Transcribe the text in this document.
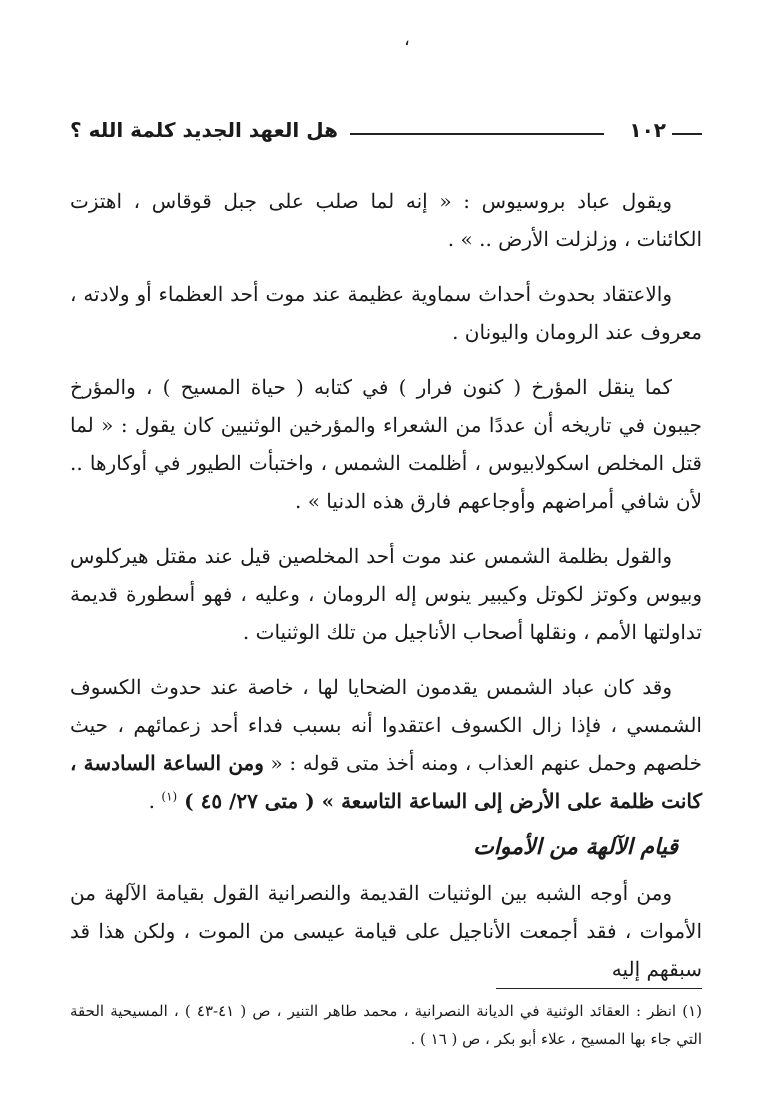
،
هل العهد الجديد كلمة الله ؟	١٠٢

ويقول عباد بروسيوس : « إنه لما صلب على جبل قوقاس ، اهتزت الكائنات ، وزلزلت الأرض .. » .

والاعتقاد بحدوث أحداث سماوية عظيمة عند موت أحد العظماء أو ولادته ، معروف عند الرومان واليونان .

كما ينقل المؤرخ ( كنون فرار ) في كتابه ( حياة المسيح ) ، والمؤرخ جيبون في تاريخه أن عددًا من الشعراء والمؤرخين الوثنيين كان يقول : « لما قتل المخلص اسكولابيوس ، أظلمت الشمس ، واختبأت الطيور في أوكارها .. لأن شافي أمراضهم وأوجاعهم فارق هذه الدنيا » .

والقول بظلمة الشمس عند موت أحد المخلصين قيل عند مقتل هيركلوس وبيوس وكوتز لكوتل وكيبير ينوس إله الرومان ، وعليه ، فهو أسطورة قديمة تداولتها الأمم ، ونقلها أصحاب الأناجيل من تلك الوثنيات .

وقد كان عباد الشمس يقدمون الضحايا لها ، خاصة عند حدوث الكسوف الشمسي ، فإذا زال الكسوف اعتقدوا أنه بسبب فداء أحد زعمائهم ، حيث خلصهم وحمل عنهم العذاب ، ومنه أخذ متى قوله : « ومن الساعة السادسة ، كانت ظلمة على الأرض إلى الساعة التاسعة » ( متى ٢٧/ ٤٥ ) $^{(١)}$ .

قيام الآلهة من الأموات

ومن أوجه الشبه بين الوثنيات القديمة والنصرانية القول بقيامة الآلهة من الأموات ، فقد أجمعت الأناجيل على قيامة عيسى من الموت ، ولكن هذا قد سبقهم إليه

(١) انظر : العقائد الوثنية في الديانة النصرانية ، محمد طاهر التنير ، ص ( ٤١-٤٣ ) ، المسيحية الحقة التي جاء بها المسيح ، علاء أبو بكر ، ص ( ١٦ ) .
